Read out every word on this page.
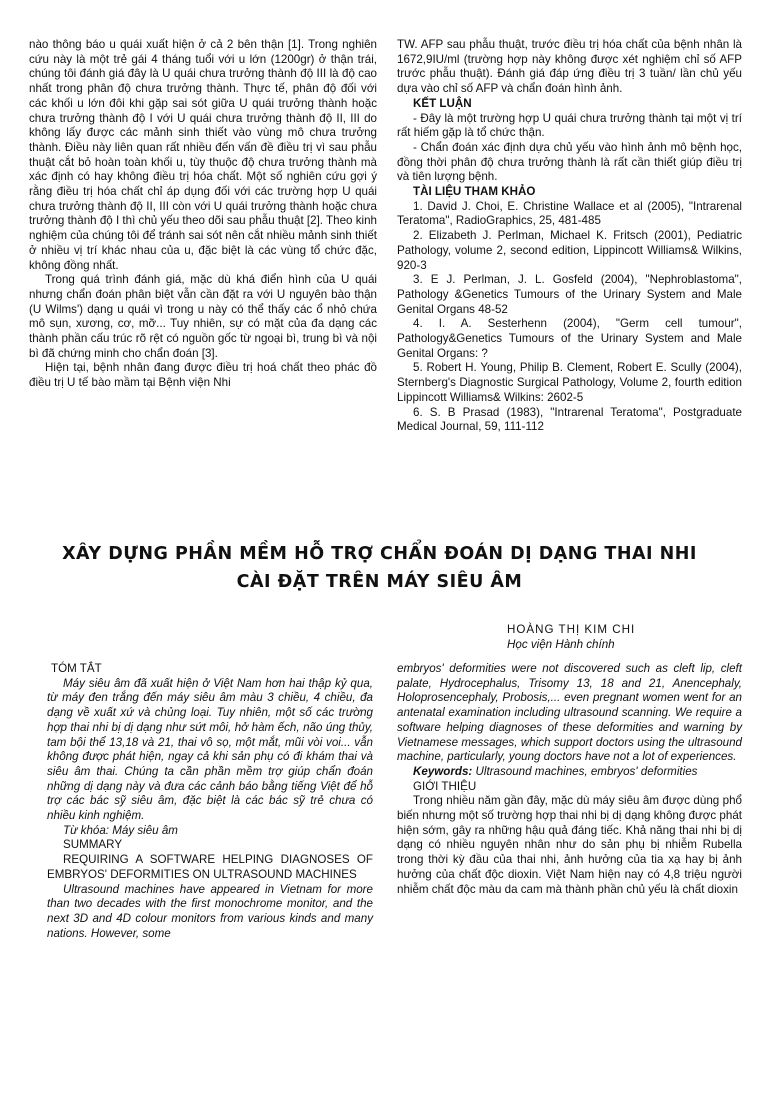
nào thông báo u quái xuất hiện ở cả 2 bên thận [1]. Trong nghiên cứu này là một trẻ gái 4 tháng tuổi với u lớn (1200gr) ở thận trái, chúng tôi đánh giá đây là U quái chưa trưởng thành độ III là độ cao nhất trong phân độ chưa trưởng thành. Thực tế, phân độ đối với các khối u lớn đôi khi gặp sai sót giữa U quái trưởng thành hoặc chưa trưởng thành độ I với U quái chưa trưởng thành độ II, III do không lấy được các mảnh sinh thiết vào vùng mô chưa trưởng thành. Điều này liên quan rất nhiều đến vấn đề điều trị vì sau phẫu thuật cắt bỏ hoàn toàn khối u, tùy thuộc độ chưa trưởng thành mà xác định có hay không điều trị hóa chất. Một số nghiên cứu gợi ý rằng điều trị hóa chất chỉ áp dụng đối với các trường hợp U quái chưa trưởng thành độ II, III còn với U quái trưởng thành hoặc chưa trưởng thành độ I thì chủ yếu theo dõi sau phẫu thuật [2]. Theo kinh nghiệm của chúng tôi để tránh sai sót nên cắt nhiều mảnh sinh thiết ở nhiều vị trí khác nhau của u, đặc biệt là các vùng tổ chức đặc, không đồng nhất.

Trong quá trình đánh giá, mặc dù khá điển hình của U quái nhưng chẩn đoán phân biệt vẫn cần đặt ra với U nguyên bào thận (U Wilms') dạng u quái vì trong u này có thể thấy các ổ nhỏ chứa mô sụn, xương, cơ, mỡ... Tuy nhiên, sự có mặt của đa dạng các thành phần cấu trúc rõ rệt có nguồn gốc từ ngoại bì, trung bì và nội bì đã chứng minh cho chẩn đoán [3].

Hiện tại, bệnh nhân đang được điều trị hoá chất theo phác đồ điều trị U tế bào mầm tại Bệnh viện Nhi

TW. AFP sau phẫu thuật, trước điều trị hóa chất của bệnh nhân là 1672,9IU/ml (trường hợp này không được xét nghiệm chỉ số AFP trước phẫu thuật). Đánh giá đáp ứng điều trị 3 tuần/ lần chủ yếu dựa vào chỉ số AFP và chẩn đoán hình ảnh.

KẾT LUẬN

- Đây là một trường hợp U quái chưa trưởng thành tại một vị trí rất hiếm gặp là tổ chức thận.

- Chẩn đoán xác định dựa chủ yếu vào hình ảnh mô bệnh học, đồng thời phân độ chưa trưởng thành là rất cần thiết giúp điều trị và tiên lượng bệnh.

TÀI LIỆU THAM KHẢO

1. David J. Choi, E. Christine Wallace et al (2005), "Intrarenal Teratoma", RadioGraphics, 25, 481-485

2. Elizabeth J. Perlman, Michael K. Fritsch (2001), Pediatric Pathology, volume 2, second edition, Lippincott Williams& Wilkins, 920-3

3. E J. Perlman, J. L. Gosfeld (2004), "Nephroblastoma", Pathology &Genetics Tumours of the Urinary System and Male Genital Organs 48-52

4. I. A. Sesterhenn (2004), "Germ cell tumour", Pathology&Genetics Tumours of the Urinary System and Male Genital Organs: ?

5. Robert H. Young, Philip B. Clement, Robert E. Scully (2004), Sternberg's Diagnostic Surgical Pathology, Volume 2, fourth edition Lippincott Williams& Wilkins: 2602-5

6. S. B Prasad (1983), "Intrarenal Teratoma", Postgraduate Medical Journal, 59, 111-112

XÂY DỰNG PHẦN MỀM HỖ TRỢ CHẨN ĐOÁN DỊ DẠNG THAI NHI
CÀI ĐẶT TRÊN MÁY SIÊU ÂM
HOÀNG THỊ KIM CHI
Học viện Hành chính

TÓM TẮT

Máy siêu âm đã xuất hiện ở Việt Nam hơn hai thập kỷ qua, từ máy đen trắng đến máy siêu âm màu 3 chiều, 4 chiều, đa dạng về xuất xứ và chủng loại. Tuy nhiên, một số các trường hợp thai nhi bị dị dạng như sứt môi, hở hàm ếch, não úng thủy, tam bội thể 13,18 và 21, thai vô sọ, một mắt, mũi vòi voi... vẫn không được phát hiện, ngay cả khi sản phụ có đi khám thai và siêu âm thai. Chúng ta cần phần mềm trợ giúp chẩn đoán những dị dạng này và đưa các cảnh báo bằng tiếng Việt để hỗ trợ các bác sỹ siêu âm, đặc biệt là các bác sỹ trẻ chưa có nhiều kinh nghiệm.

Từ khóa: Máy siêu âm

SUMMARY

REQUIRING A SOFTWARE HELPING DIAGNOSES OF EMBRYOS' DEFORMITIES ON ULTRASOUND MACHINES

Ultrasound machines have appeared in Vietnam for more than two decades with the first monochrome monitor, and the next 3D and 4D colour monitors from various kinds and many nations. However, some

embryos' deformities were not discovered such as cleft lip, cleft palate, Hydrocephalus, Trisomy 13, 18 and 21, Anencephaly, Holoprosencephaly, Probosis,... even pregnant women went for an antenatal examination including ultrasound scanning. We require a software helping diagnoses of these deformities and warning by Vietnamese messages, which support doctors using the ultrasound machine, particularly, young doctors have not a lot of experiences.

Keywords: Ultrasound machines, embryos' deformities

GIỚI THIỆU

Trong nhiều năm gần đây, mặc dù máy siêu âm được dùng phổ biến nhưng một số trường hợp thai nhi bị dị dạng không được phát hiện sớm, gây ra những hậu quả đáng tiếc. Khả năng thai nhi bị dị dạng có nhiều nguyên nhân như do sản phụ bị nhiễm Rubella trong thời kỳ đầu của thai nhi, ảnh hưởng của tia xạ hay bị ảnh hưởng của chất độc dioxin. Việt Nam hiện nay có 4,8 triệu người nhiễm chất độc màu da cam mà thành phần chủ yếu là chất dioxin
